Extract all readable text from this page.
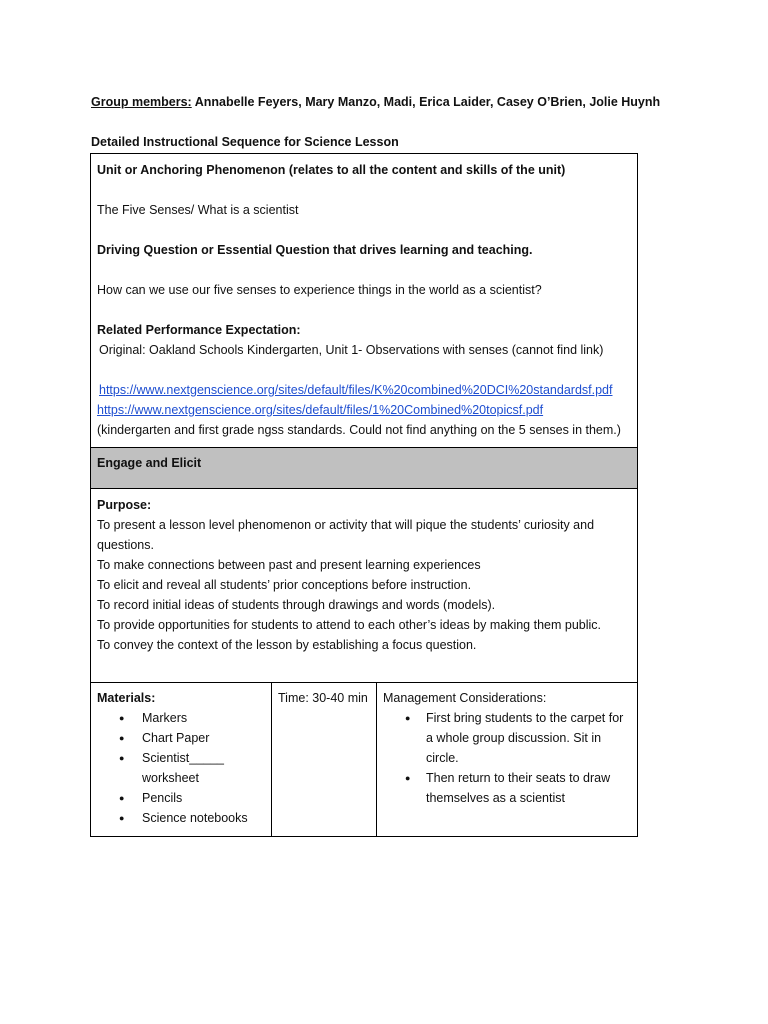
Group members: Annabelle Feyers, Mary Manzo, Madi, Erica Laider, Casey O’Brien, Jolie Huynh
Detailed Instructional Sequence for Science Lesson
Unit or Anchoring Phenomenon (relates to all the content and skills of the unit)
The Five Senses/ What is a scientist
Driving Question or Essential Question that drives learning and teaching.
How can we use our five senses to experience things in the world as a scientist?
Related Performance Expectation:
Original: Oakland Schools Kindergarten, Unit 1- Observations with senses (cannot find link)
https://www.nextgenscience.org/sites/default/files/K%20combined%20DCI%20standardsf.pdf
https://www.nextgenscience.org/sites/default/files/1%20Combined%20topicsf.pdf
(kindergarten and first grade ngss standards. Could not find anything on the 5 senses in them.)
Engage and Elicit
Purpose:
To present a lesson level phenomenon or activity that will pique the students’ curiosity and
questions.
To make connections between past and present learning experiences
To elicit and reveal all students’ prior conceptions before instruction.
To record initial ideas of students through drawings and words (models).
To provide opportunities for students to attend to each other’s ideas by making them public.
To convey the context of the lesson by establishing a focus question.
Materials:
● Markers
● Chart Paper
● Scientist_____ worksheet
● Pencils
● Science notebooks
Time: 30-40 min Management Considerations:
● First bring students to the carpet for a whole group discussion. Sit in circle.
● Then return to their seats to draw themselves as a scientist
